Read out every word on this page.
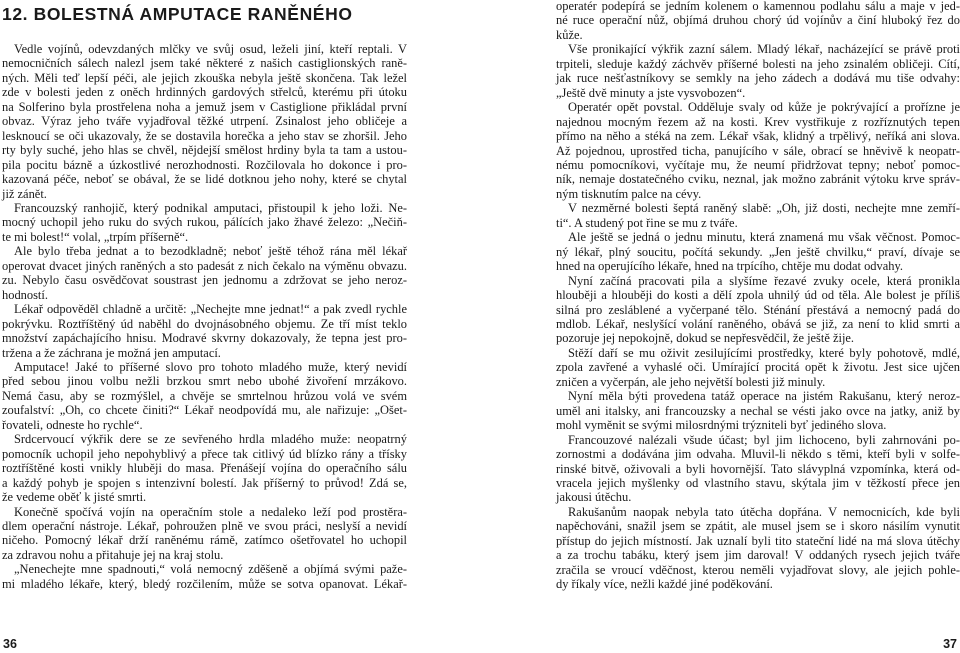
12. BOLESTNÁ AMPUTACE RANĚNÉHO
Vedle vojínů, odevzdaných mlčky ve svůj osud, leželi jiní, kteří reptali. V
nemocničních sálech nalezl jsem také některé z našich castiglionských raně-
ných. Měli teď lepší péči, ale jejich zkouška nebyla ještě skončena. Tak ležel
zde v bolesti jeden z oněch hrdinných gardových střelců, kterému při útoku
na Solferino byla prostřelena noha a jemuž jsem v Castiglione přikládal první
obvaz. Výraz jeho tváře vyjadřoval těžké utrpení. Zsinalost jeho obličeje a
lesknoucí se oči ukazovaly, že se dostavila horečka a jeho stav se zhoršil. Jeho
rty byly suché, jeho hlas se chvěl, nějdejší smělost hrdiny byla ta tam a ustou-
pila pocitu bázně a úzkostlivé nerozhodnosti. Rozčilovala ho dokonce i pro-
kazovaná péče, neboť se obával, že se lidé dotknou jeho nohy, které se chytal
již zánět.
Francouzský ranhojič, který podnikal amputaci, přistoupil k jeho loži. Ne-
mocný uchopil jeho ruku do svých rukou, pálících jako žhavé železo: „Nečiň-
te mi bolest!“ volal, „trpím příšerně“.
Ale bylo třeba jednat a to bezodkladně; neboť ještě téhož rána měl lékař
operovat dvacet jiných raněných a sto padesát z nich čekalo na výměnu obvazu.
zu. Nebylo času osvědčovat soustrast jen jednomu a zdržovat se jeho neroz-
hodností.
Lékař odpověděl chladně a určitě: „Nechejte mne jednat!“ a pak zvedl rychle
pokrývku. Roztříštěný úd naběhl do dvojnásobného objemu. Ze tří míst teklo
množství zapáchajícího hnisu. Modravé skvrny dokazovaly, že tepna jest pro-
tržena a že záchrana je možná jen amputací.
Amputace! Jaké to příšerné slovo pro tohoto mladého muže, který nevidí
před sebou jinou volbu nežli brzkou smrt nebo ubohé živoření mrzákovo.
Nemá času, aby se rozmýšlel, a chvěje se smrtelnou hrůzou volá ve svém
zoufalství: „Oh, co chcete činiti?“ Lékař neodpovídá mu, ale nařizuje: „Ošet-
řovateli, odneste ho rychle“.
Srdcervoucí výkřik dere se ze sevřeného hrdla mladého muže: neopatrný
pomocník uchopil jeho nepohyblivý a přece tak citlivý úd blízko rány a třísky
roztříštěné kosti vnikly hluběji do masa. Přenášejí vojína do operačního sálu
a každý pohyb je spojen s intenzivní bolestí. Jak příšerný to průvod! Zdá se,
že vedeme oběť k jisté smrti.
Konečně spočívá vojín na operačním stole a nedaleko leží pod prostěra-
dlem operační nástroje. Lékař, pohroužen plně ve svou práci, neslyší a nevidí
ničeho. Pomocný lékař drží raněnému rámě, zatímco ošetřovatel ho uchopil
za zdravou nohu a přitahuje jej na kraj stolu.
„Nenechejte mne spadnouti,“ volá nemocný zděšeně a objímá svými paže-
mi mladého lékaře, který, bledý rozčilením, může se sotva opanovat. Lékař-
36
operatér podepírá se jedním kolenem o kamennou podlahu sálu a maje v jed-
né ruce operační nůž, objímá druhou chorý úd vojínův a činí hluboký řez do
kůže.
Vše pronikající výkřik zazní sálem. Mladý lékař, nacházející se právě proti
trpiteli, sleduje každý záchvěv příšerné bolesti na jeho zsinalém obličeji. Cítí,
jak ruce nešťastníkovy se semkly na jeho zádech a dodává mu tiše odvahy:
„Ještě dvě minuty a jste vysvobozen“.
Operatér opět povstal. Odděluje svaly od kůže je pokrývající a prořízne je
najednou mocným řezem až na kosti. Krev vystřikuje z rozříznutých tepen
přímo na něho a stéká na zem. Lékař však, klidný a trpělivý, neříká ani slova.
Až pojednou, uprostřed ticha, panujícího v sále, obrací se hněvivě k neopatr-
nému pomocníkovi, vyčítaje mu, že neumí přidržovat tepny; neboť pomoc-
ník, nemaje dostatečného cviku, neznal, jak možno zabránit výtoku krve správ-
ným tisknutím palce na cévy.
V nezměrné bolesti šeptá raněný slabě: „Oh, již dosti, nechejte mne zemří-
ti“. A studený pot řine se mu z tváře.
Ale ještě se jedná o jednu minutu, která znamená mu však věčnost. Pomoc-
ný lékař, plný soucitu, počítá sekundy. „Jen ještě chvilku,“ praví, dívaje se
hned na operujícího lékaře, hned na trpícího, chtěje mu dodat odvahy.
Nyní začíná pracovati pila a slyšíme řezavé zvuky ocele, která pronikla
hlouběji a hlouběji do kosti a dělí zpola uhnilý úd od těla. Ale bolest je příliš
silná pro zesláblené a vyčerpané tělo. Sténání přestává a nemocný padá do
mdlob. Lékař, neslyšící volání raněného, obává se již, za není to klid smrti a
pozoruje jej nepokojně, dokud se nepřesvědčil, že ještě žije.
Stěží daří se mu oživit zesilujícími prostředky, které byly pohotově, mdlé,
zpola zavřené a vyhaslé oči. Umírající procitá opět k životu. Jest sice ujčen
zničen a vyčerpán, ale jeho největší bolesti již minuly.
Nyní měla býti provedena tatáž operace na jistém Rakušanu, který neroz-
uměl ani italsky, ani francouzsky a nechal se vésti jako ovce na jatky, aniž by
mohl vyměnit se svými milosrdnými trýzniteli byť jediného slova.
Francouzové nalézali všude účast; byl jim lichoceno, byli zahrnováni po-
zornostmi a dodávána jim odvaha. Mluvil-li někdo s těmi, kteří byli v solfe-
rinské bitvě, oživovali a byli hovornější. Tato slávyplná vzpomínka, která od-
vracela jejich myšlenky od vlastního stavu, skýtala jim v těžkostí přece jen
jakousi útěchu.
Rakušanům naopak nebyla tato útěcha dopřána. V nemocnicích, kde byli
napěchováni, snažil jsem se zpátit, ale musel jsem se i skoro násilím vynutit
přístup do jejich místností. Jak uznalí byli tito stateční lidé na má slova útěchy
a za trochu tabáku, který jsem jim daroval! V oddaných rysech jejich tváře
zračila se vroucí vděčnost, kterou neměli vyjadřovat slovy, ale jejich pohle-
dy říkaly více, nežli každé jiné poděkování.
37
